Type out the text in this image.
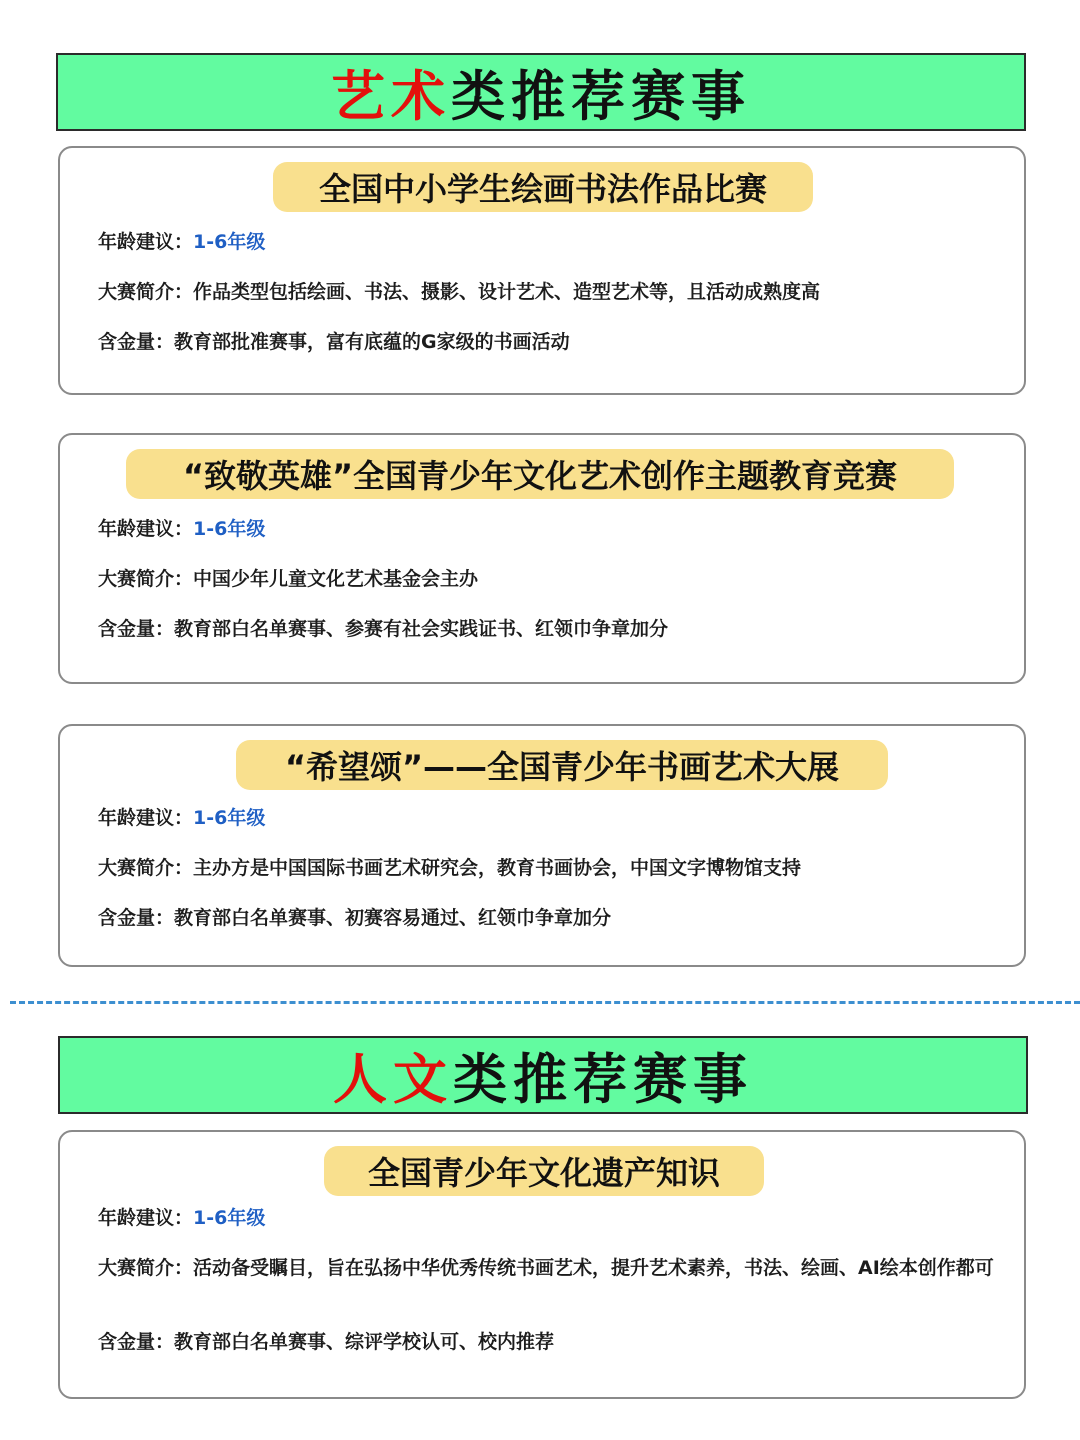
艺术 类推荐赛事
全国中小学生绘画书法作品比赛
年龄建议：1-6年级
大赛简介：作品类型包括绘画、书法、摄影、设计艺术、造型艺术等，且活动成熟度高
含金量：教育部批准赛事，富有底蕴的G家级的书画活动
“致敬英雄”全国青少年文化艺术创作主题教育竞赛
年龄建议：1-6年级
大赛简介：中国少年儿童文化艺术基金会主办
含金量：教育部白名单赛事、参赛有社会实践证书、红领巾争章加分
“希望颂”——全国青少年书画艺术大展
年龄建议：1-6年级
大赛简介：主办方是中国国际书画艺术研究会，教育书画协会，中国文字博物馆支持
含金量：教育部白名单赛事、初赛容易通过、红领巾争章加分
人文 类推荐赛事
全国青少年文化遗产知识
年龄建议：1-6年级
大赛简介：活动备受瞩目，旨在弘扬中华优秀传统书画艺术，提升艺术素养，书法、绘画、AI绘本创作都可
含金量：教育部白名单赛事、综评学校认可、校内推荐
